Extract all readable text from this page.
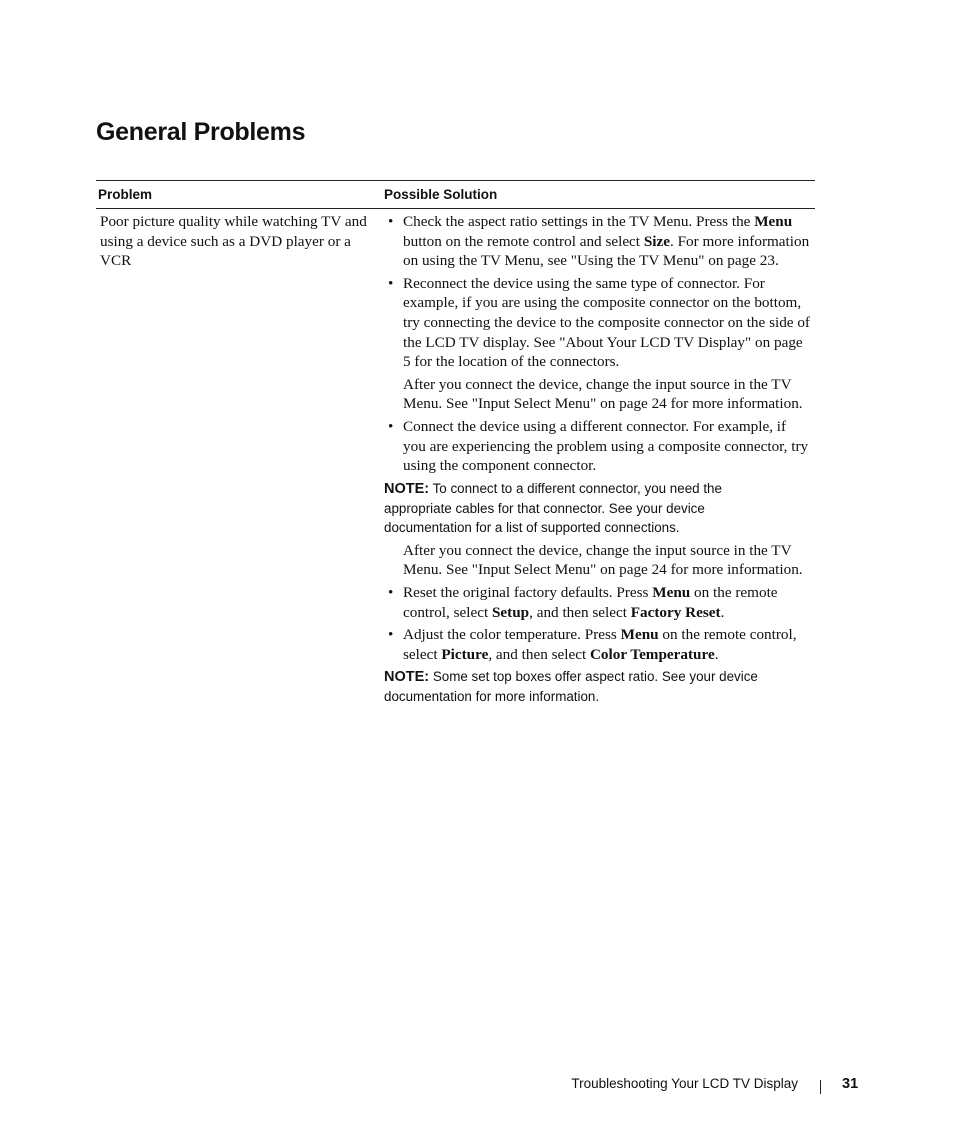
General Problems
Problem	Possible Solution
Poor picture quality while watching TV and using a device such as a DVD player or a VCR
• Check the aspect ratio settings in the TV Menu. Press the Menu button on the remote control and select Size. For more information on using the TV Menu, see "Using the TV Menu" on page 23.
• Reconnect the device using the same type of connector. For example, if you are using the composite connector on the bottom, try connecting the device to the composite connector on the side of the LCD TV display. See "About Your LCD TV Display" on page 5 for the location of the connectors.
After you connect the device, change the input source in the TV Menu. See "Input Select Menu" on page 24 for more information.
• Connect the device using a different connector. For example, if you are experiencing the problem using a composite connector, try using the component connector.
NOTE: To connect to a different connector, you need the appropriate cables for that connector. See your device documentation for a list of supported connections.
After you connect the device, change the input source in the TV Menu. See "Input Select Menu" on page 24 for more information.
• Reset the original factory defaults. Press Menu on the remote control, select Setup, and then select Factory Reset.
• Adjust the color temperature. Press Menu on the remote control, select Picture, and then select Color Temperature.
NOTE: Some set top boxes offer aspect ratio. See your device documentation for more information.
Troubleshooting Your LCD TV Display	31
